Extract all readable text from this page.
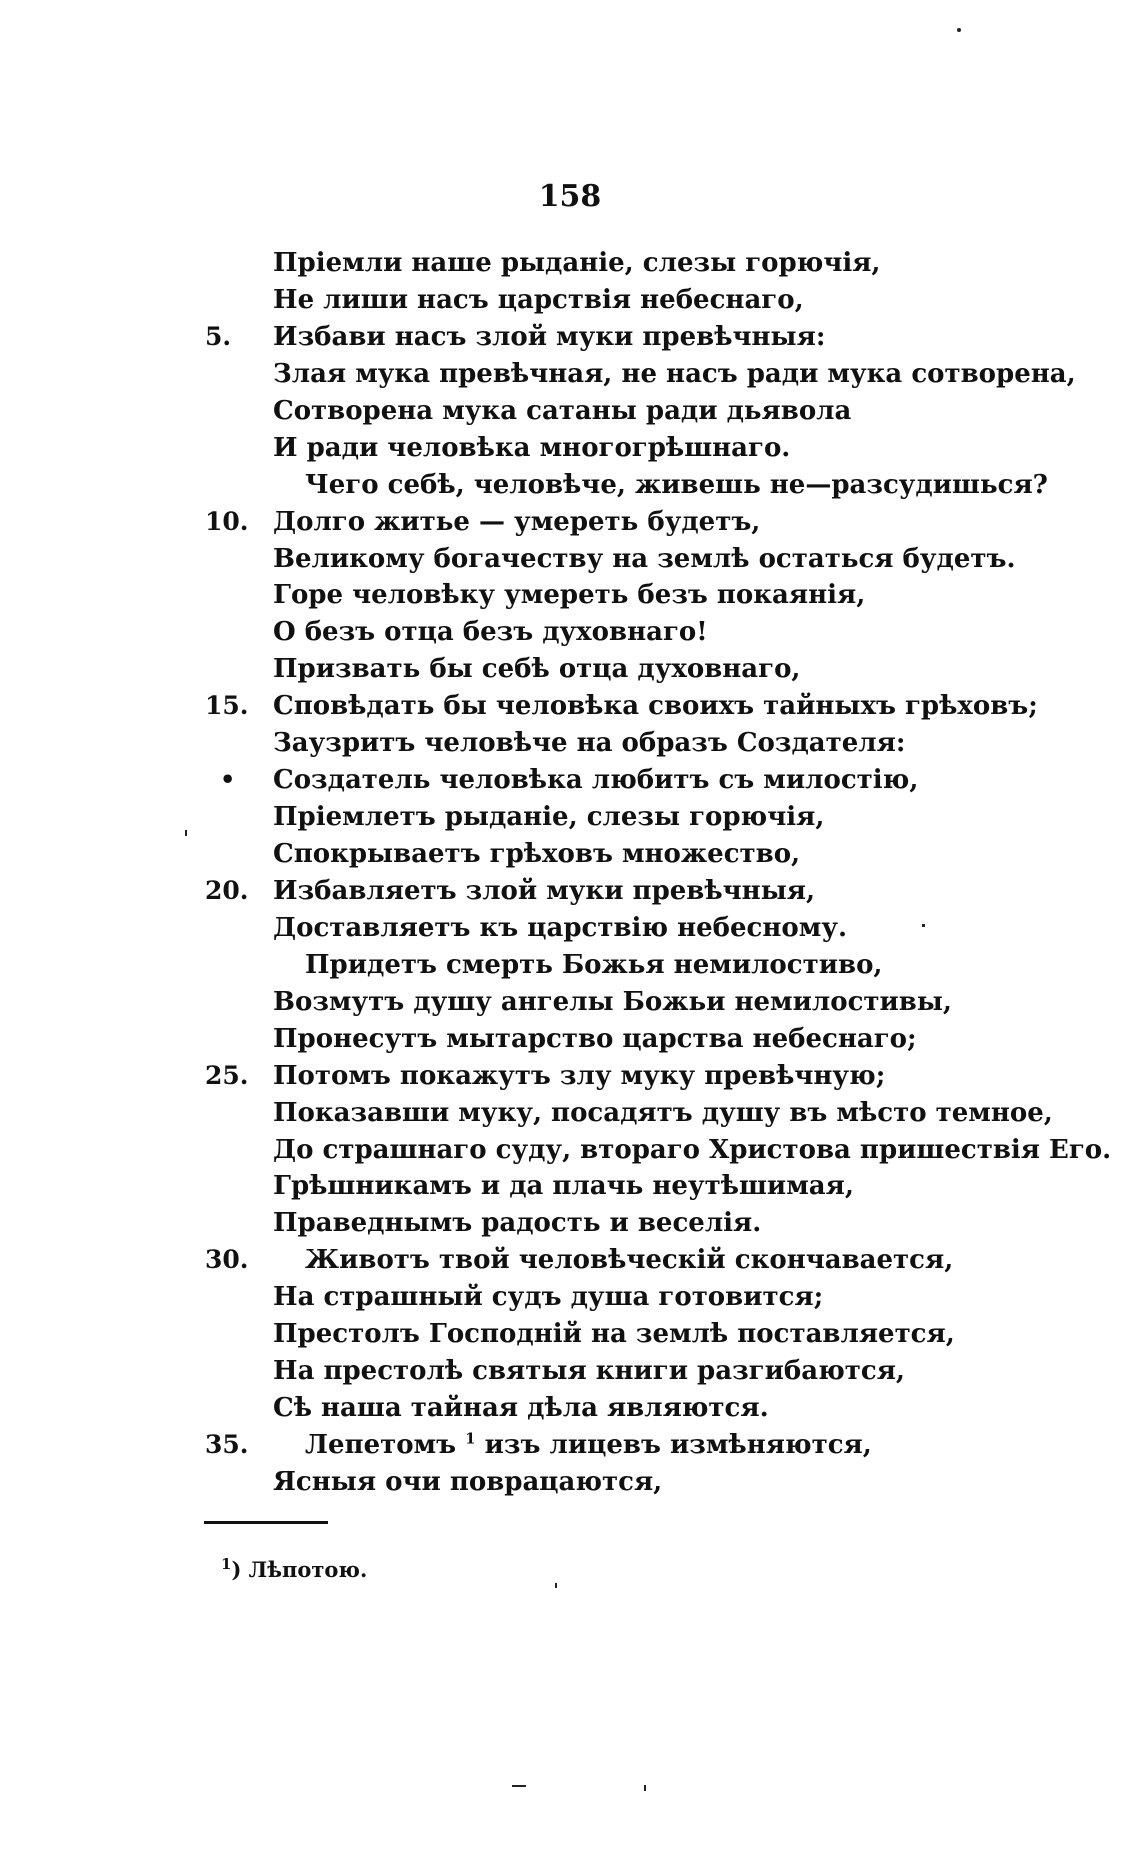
158
Пріемли наше рыданіе, слезы горючія,
Не лиши насъ царствія небеснаго,
5.	Избави насъ злой муки превѣчныя:
Злая мука превѣчная, не насъ ради мука сотворена,
Сотворена мука сатаны ради дьявола
И ради человѣка многогрѣшнаго.
Чего себѣ, человѣче, живешь не—разсудишься?
10. Долго житье — умереть будетъ,
Великому богачеству на землѣ остаться будетъ.
Горе человѣку умереть безъ покаянія,
О безъ отца безъ духовнаго!
Призвать бы себѣ отца духовнаго,
15. Сповѣдать бы человѣка своихъ тайныхъ грѣховъ;
Заузритъ человѣче на образъ Создателя:
• Создатель человѣка любитъ съ милостію,
Пріемлетъ рыданіе, слезы горючія,
Спокрываетъ грѣховъ множество,
20. Избавляетъ злой муки превѣчныя,
Доставляетъ къ царствію небесному.
Придетъ смерть Божья немилостиво,
Возмутъ душу ангелы Божьи немилостивы,
Пронесутъ мытарство царства небеснаго;
25. Потомъ покажутъ злу муку превѣчную;
Показавши муку, посадятъ душу въ мѣсто темное,
До страшнаго суду, втораго Христова пришествія Его.
Грѣшникамъ и да плачь неутѣшимая,
Праведнымъ радость и веселія.
30.	Животъ твой человѣческій скончавается,
На страшный судъ душа готовится;
Престолъ Господній на землѣ поставляется,
На престолѣ святыя книги разгибаются,
Сѣ наша тайная дѣла являются.
35.	Лепетомъ $^1$ изъ лицевъ измѣняются,
Ясныя очи поврацаются,
$^1$) Лѣпотою.
